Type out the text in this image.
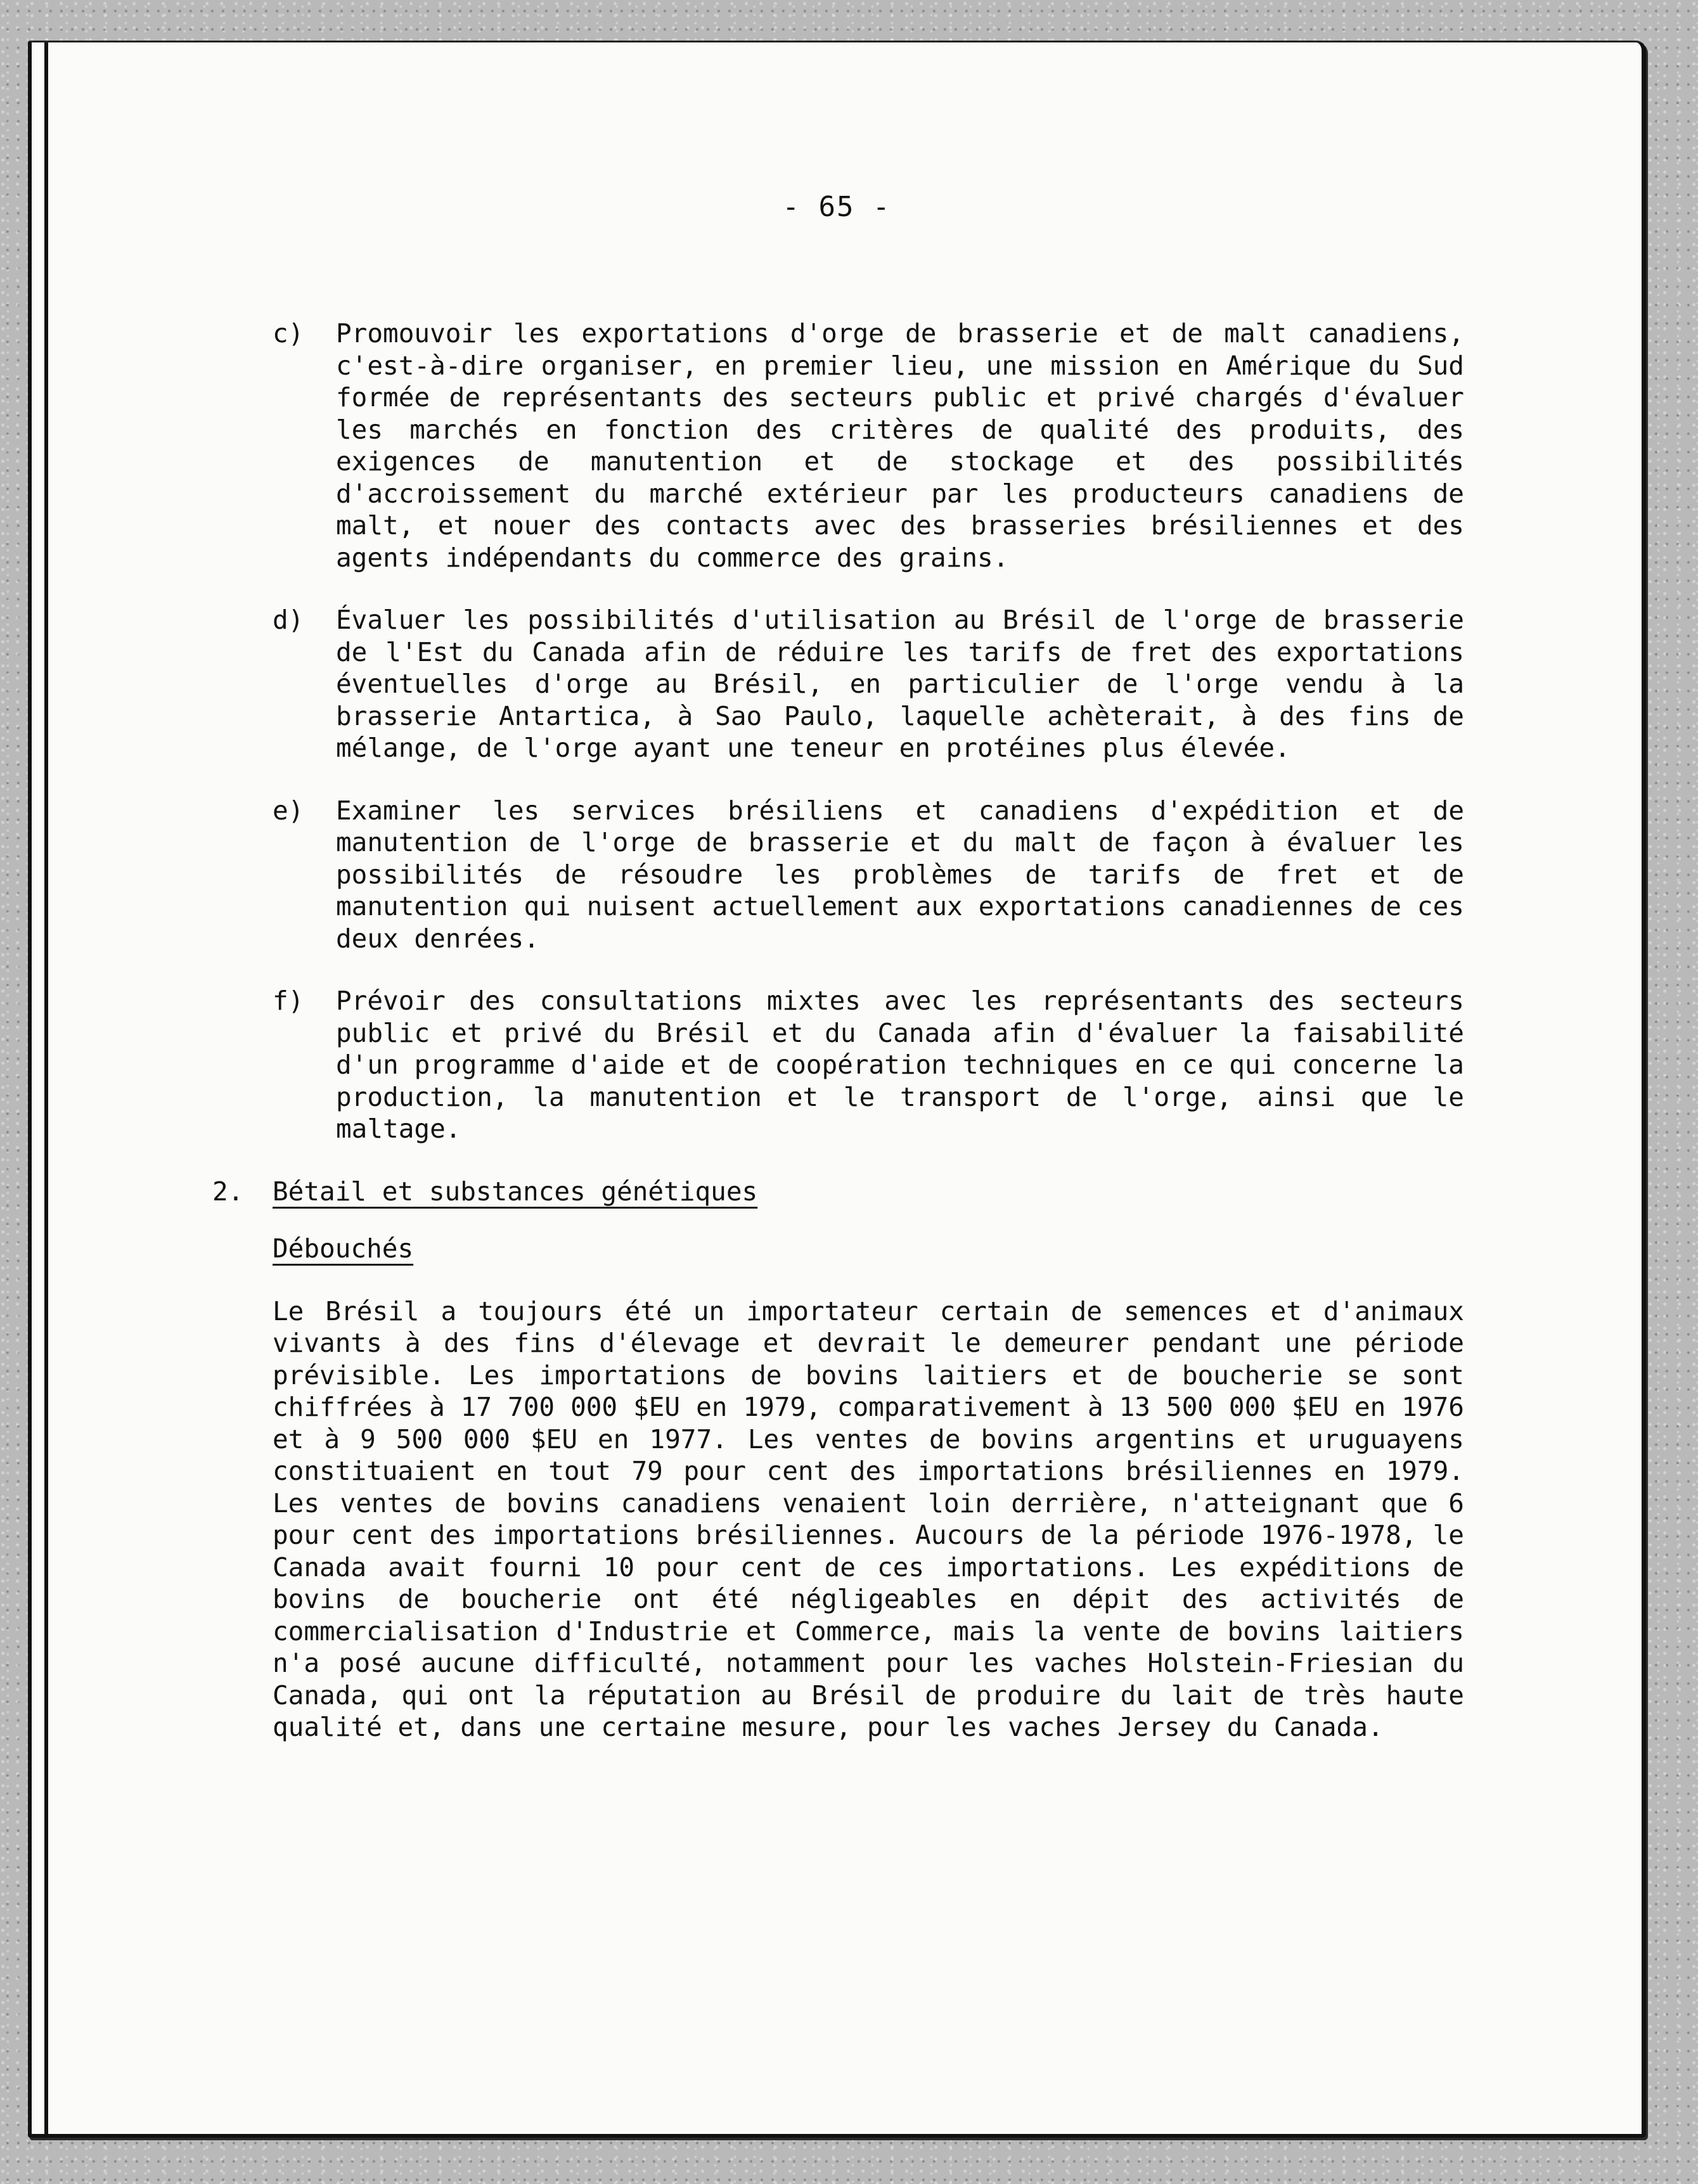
- 65 -
c)	Promouvoir les exportations d'orge de brasserie et de malt canadiens, c'est-à-dire organiser, en premier lieu, une mission en Amérique du Sud formée de représentants des secteurs public et privé chargés d'évaluer les marchés en fonction des critères de qualité des produits, des exigences de manutention et de stockage et des possibilités d'accroissement du marché extérieur par les producteurs canadiens de malt, et nouer des contacts avec des brasseries brésiliennes et des agents indépendants du commerce des grains.
d)	Évaluer les possibilités d'utilisation au Brésil de l'orge de brasserie de l'Est du Canada afin de réduire les tarifs de fret des exportations éventuelles d'orge au Brésil, en particulier de l'orge vendu à la brasserie Antartica, à Sao Paulo, laquelle achèterait, à des fins de mélange, de l'orge ayant une teneur en protéines plus élevée.
e)	Examiner les services brésiliens et canadiens d'expédition et de manutention de l'orge de brasserie et du malt de façon à évaluer les possibilités de résoudre les problèmes de tarifs de fret et de manutention qui nuisent actuellement aux exportations canadiennes de ces deux denrées.
f)	Prévoir des consultations mixtes avec les représentants des secteurs public et privé du Brésil et du Canada afin d'évaluer la faisabilité d'un programme d'aide et de coopération techniques en ce qui concerne la production, la manutention et le transport de l'orge, ainsi que le maltage.
2.	Bétail et substances génétiques
Débouchés
Le Brésil a toujours été un importateur certain de semences et d'animaux vivants à des fins d'élevage et devrait le demeurer pendant une période prévisible. Les importations de bovins laitiers et de boucherie se sont chiffrées à 17 700 000 $EU en 1979, comparativement à 13 500 000 $EU en 1976 et à 9 500 000 $EU en 1977. Les ventes de bovins argentins et uruguayens constituaient en tout 79 pour cent des importations brésiliennes en 1979. Les ventes de bovins canadiens venaient loin derrière, n'atteignant que 6 pour cent des importations brésiliennes. Aucours de la période 1976-1978, le Canada avait fourni 10 pour cent de ces importations. Les expéditions de bovins de boucherie ont été négligeables en dépit des activités de commercialisation d'Industrie et Commerce, mais la vente de bovins laitiers n'a posé aucune difficulté, notamment pour les vaches Holstein-Friesian du Canada, qui ont la réputation au Brésil de produire du lait de très haute qualité et, dans une certaine mesure, pour les vaches Jersey du Canada.
